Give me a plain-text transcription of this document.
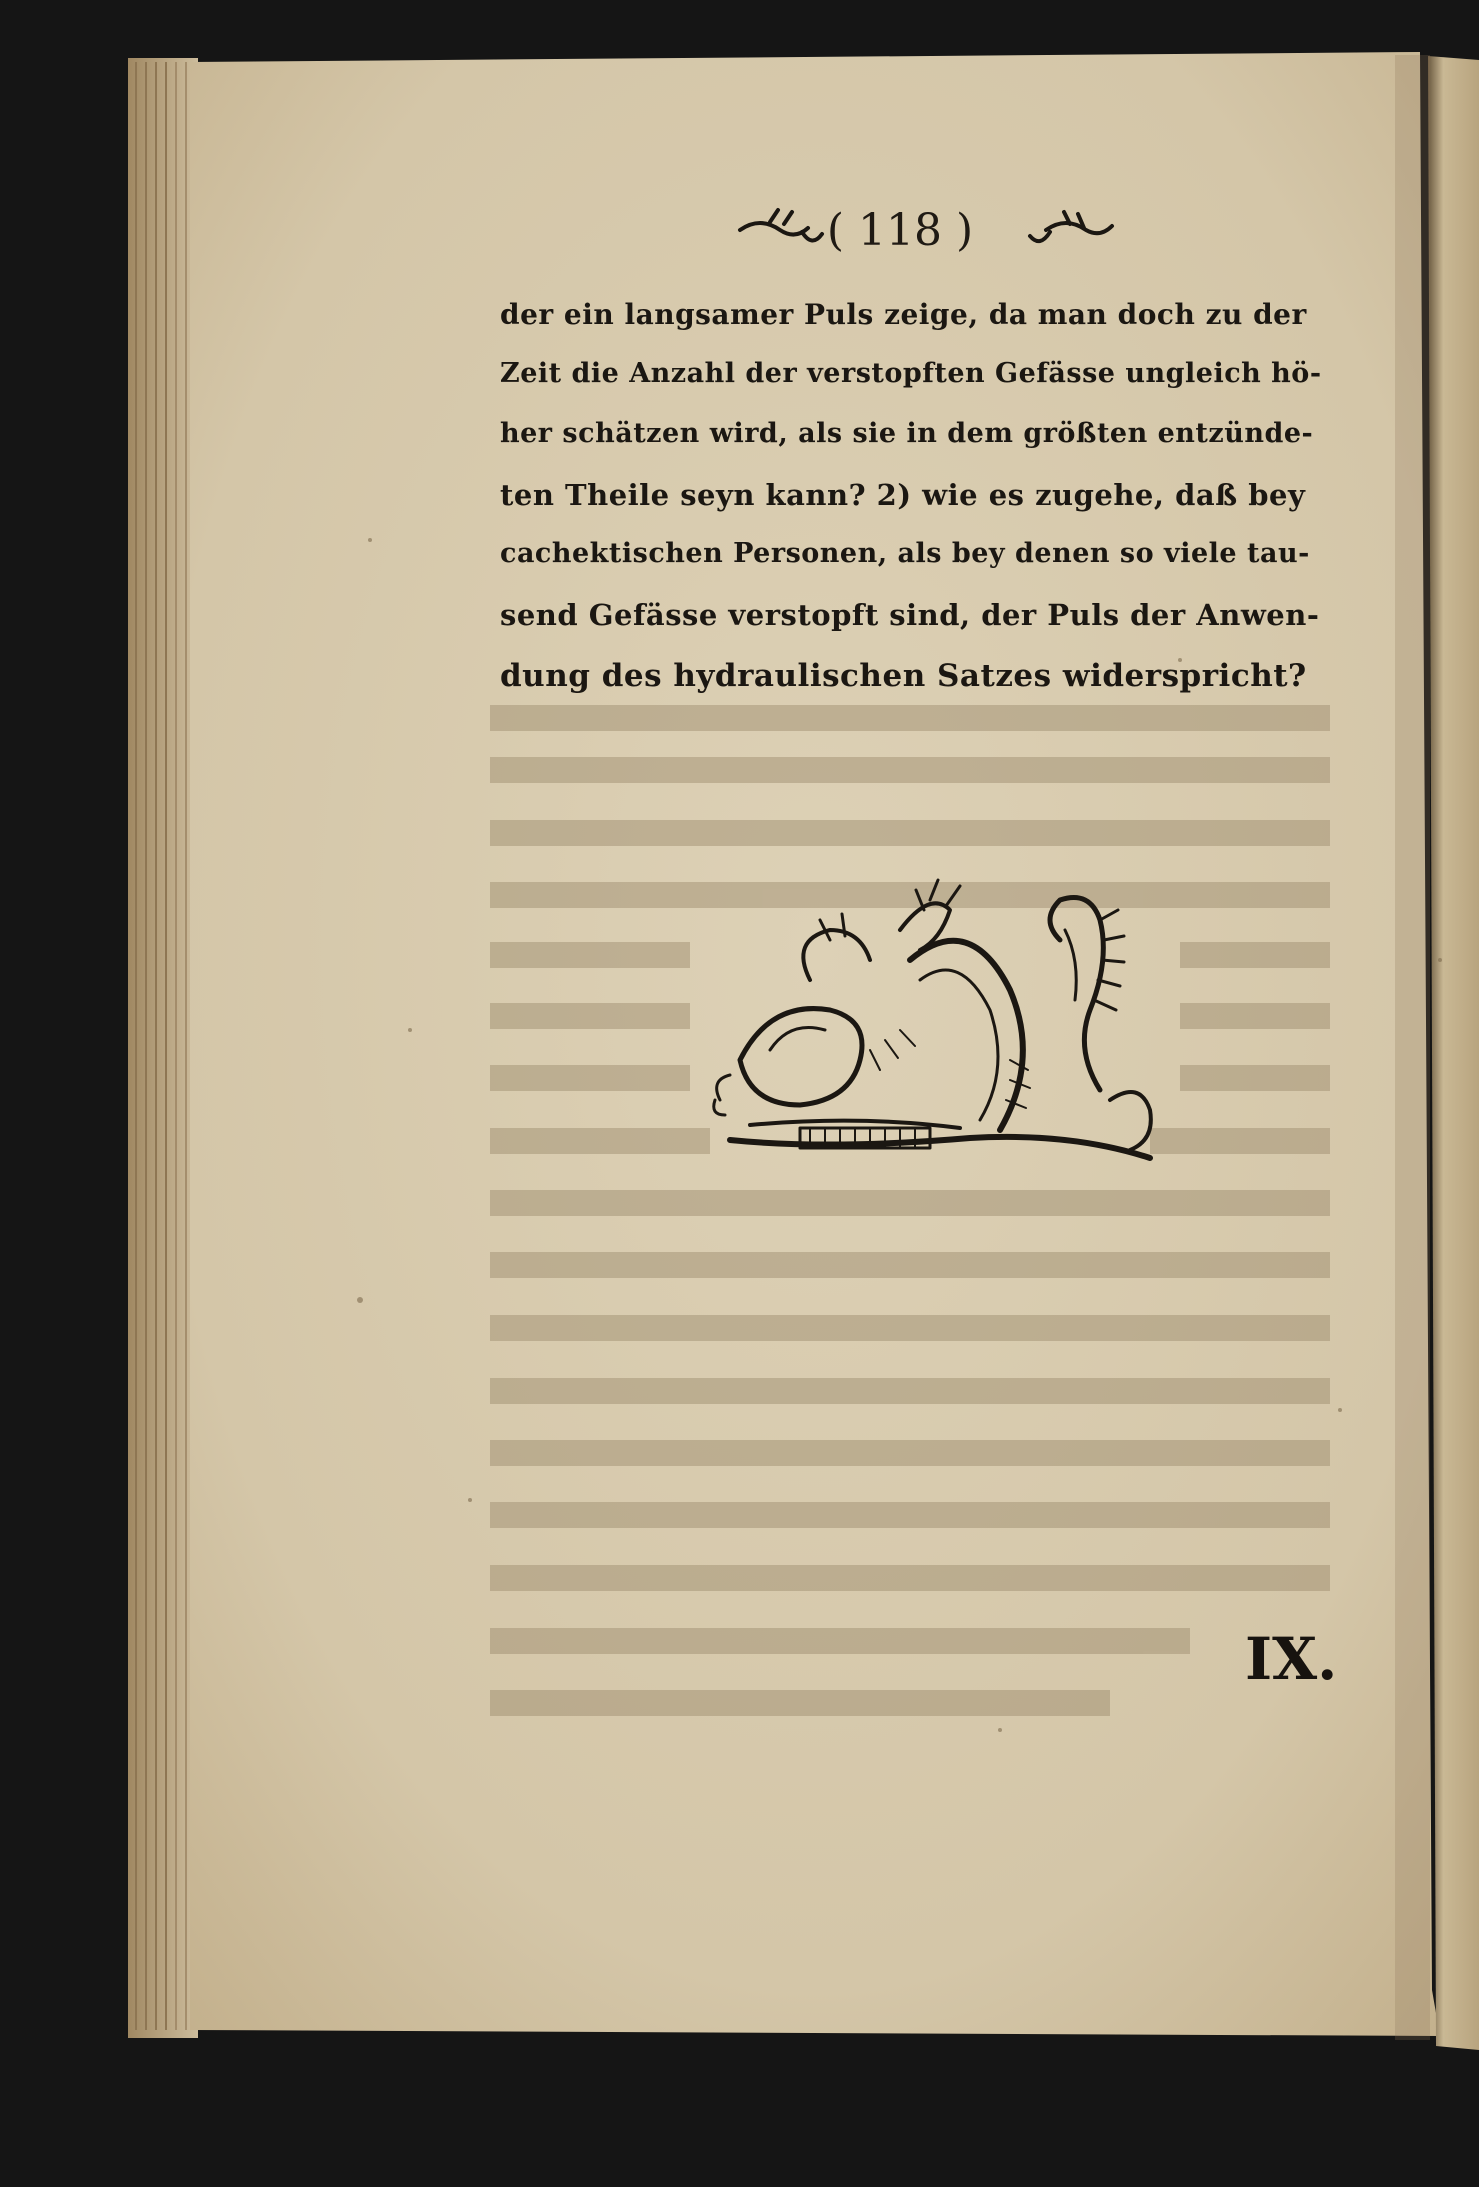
( 118 )
der ein langsamer Puls zeige, da man doch zu der
Zeit die Anzahl der verstopften Gefässe ungleich hö-
her schätzen wird, als sie in dem größten entzünde-
ten Theile seyn kann? 2) wie es zugehe, daß bey
cachektischen Personen, als bey denen so viele tau-
send Gefässe verstopft sind, der Puls der Anwen-
dung des hydraulischen Satzes widerspricht?
IX.
